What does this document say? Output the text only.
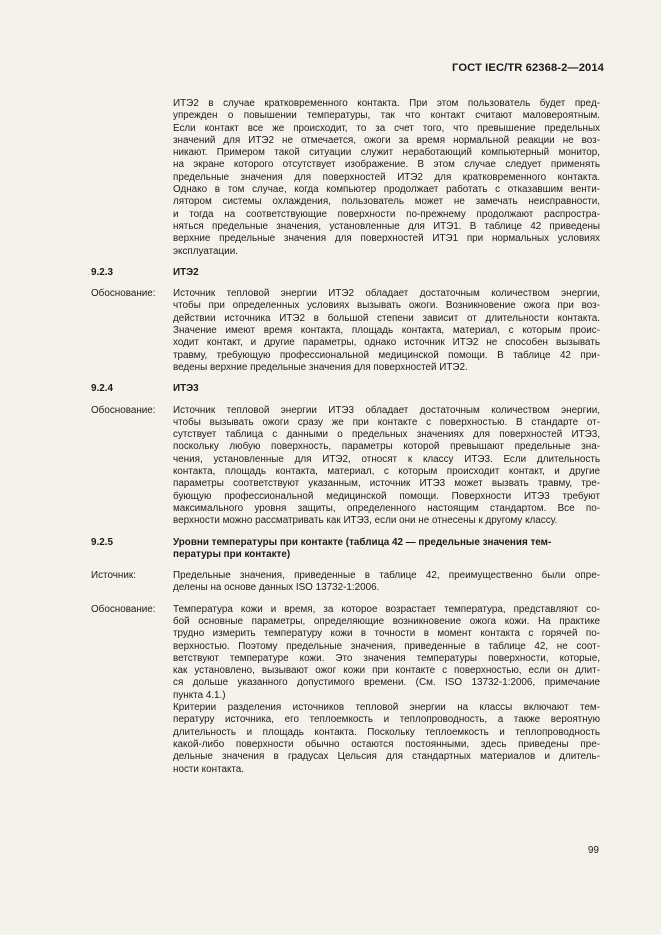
ГОСТ IEC/TR 62368-2—2014
ИТЭ2 в случае кратковременного контакта. При этом пользователь будет пред-
упрежден о повышении температуры, так что контакт считают маловероятным.
Если контакт все же происходит, то за счет того, что превышение предельных
значений для ИТЭ2 не отмечается, ожоги за время нормальной реакции не воз-
никают. Примером такой ситуации служит неработающий компьютерный монитор,
на экране которого отсутствует изображение. В этом случае следует применять
предельные значения для поверхностей ИТЭ2 для кратковременного контакта.
Однако в том случае, когда компьютер продолжает работать с отказавшим венти-
лятором системы охлаждения, пользователь может не замечать неисправности,
и тогда на соответствующие поверхности по-прежнему продолжают распростра-
няться предельные значения, установленные для ИТЭ1. В таблице 42 приведены
верхние предельные значения для поверхностей ИТЭ1 при нормальных условиях
эксплуатации.
9.2.3	ИТЭ2
Обоснование: Источник тепловой энергии ИТЭ2 обладает достаточным количеством энергии,
чтобы при определенных условиях вызывать ожоги. Возникновение ожога при воз-
действии источника ИТЭ2 в большой степени зависит от длительности контакта.
Значение имеют время контакта, площадь контакта, материал, с которым проис-
ходит контакт, и другие параметры, однако источник ИТЭ2 не способен вызывать
травму, требующую профессиональной медицинской помощи. В таблице 42 при-
ведены верхние предельные значения для поверхностей ИТЭ2.
9.2.4	ИТЭ3
Обоснование: Источник тепловой энергии ИТЭ3 обладает достаточным количеством энергии,
чтобы вызывать ожоги сразу же при контакте с поверхностью. В стандарте от-
сутствует таблица с данными о предельных значениях для поверхностей ИТЭ3,
поскольку любую поверхность, параметры которой превышают предельные зна-
чения, установленные для ИТЭ2, относят к классу ИТЭ3. Если длительность
контакта, площадь контакта, материал, с которым происходит контакт, и другие
параметры соответствуют указанным, источник ИТЭ3 может вызвать травму, тре-
бующую профессиональной медицинской помощи. Поверхности ИТЭ3 требуют
максимального уровня защиты, определенного настоящим стандартом. Все по-
верхности можно рассматривать как ИТЭ3, если они не отнесены к другому классу.
9.2.5	Уровни температуры при контакте (таблица 42 — предельные значения тем-
пературы при контакте)
Источник:	Предельные значения, приведенные в таблице 42, преимущественно были опре-
делены на основе данных ISO 13732-1:2006.
Обоснование: Температура кожи и время, за которое возрастает температура, представляют со-
бой основные параметры, определяющие возникновение ожога кожи. На практике
трудно измерить температуру кожи в точности в момент контакта с горячей по-
верхностью. Поэтому предельные значения, приведенные в таблице 42, не соот-
ветствуют температуре кожи. Это значения температуры поверхности, которые,
как установлено, вызывают ожог кожи при контакте с поверхностью, если он длит-
ся дольше указанного допустимого времени. (См. ISO 13732-1:2006, примечание
пункта 4.1.)
Критерии разделения источников тепловой энергии на классы включают тем-
пературу источника, его теплоемкость и теплопроводность, а также вероятную
длительность и площадь контакта. Поскольку теплоемкость и теплопроводность
какой-либо поверхности обычно остаются постоянными, здесь приведены пре-
дельные значения в градусах Цельсия для стандартных материалов и длитель-
ности контакта.
99
